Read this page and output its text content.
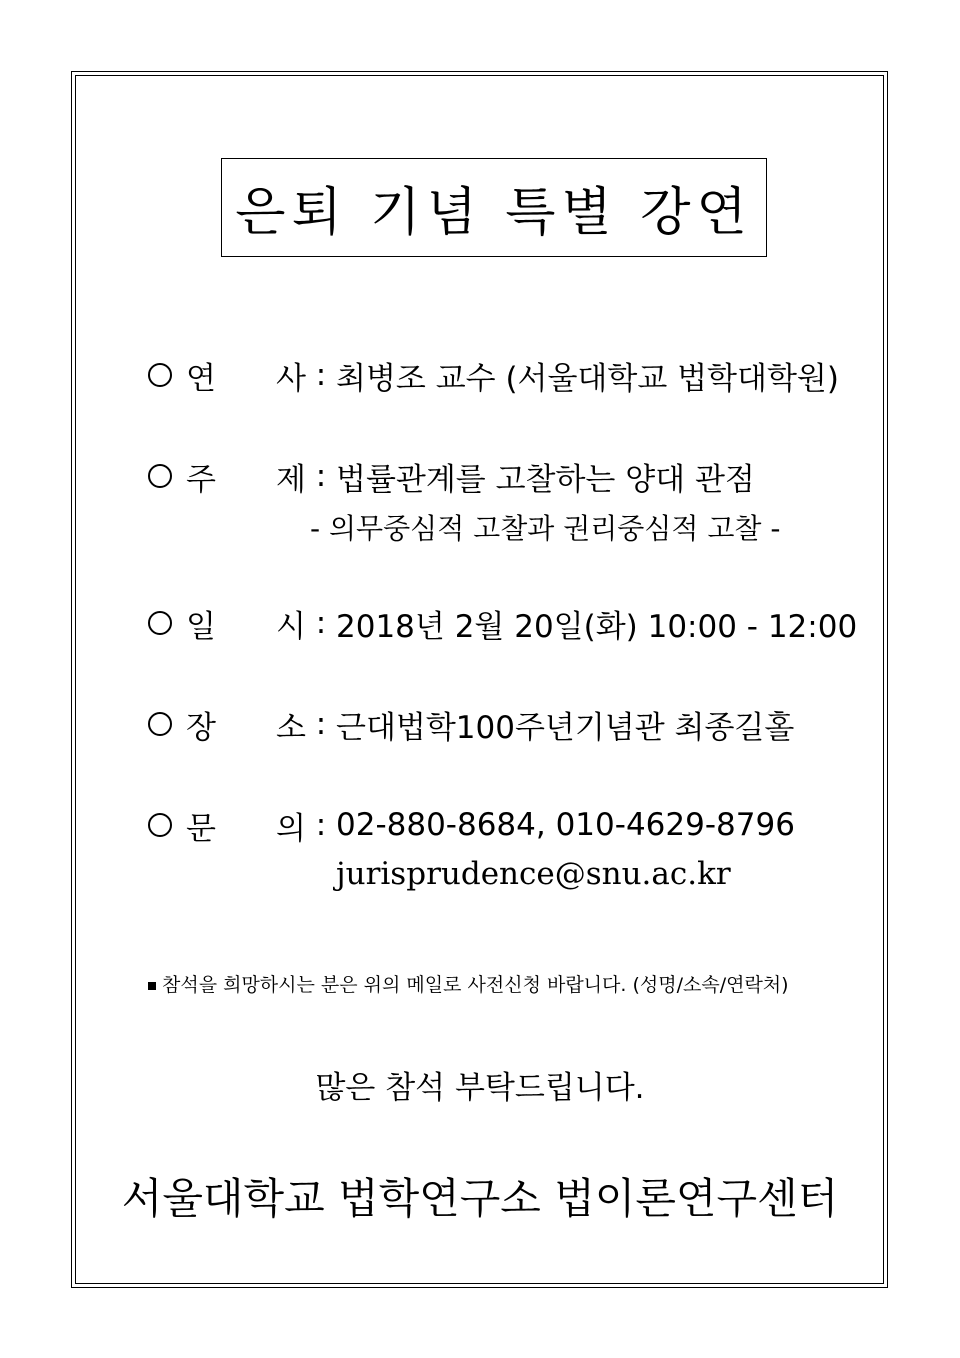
은퇴 기념 특별 강연
연 사 : 최병조 교수 (서울대학교 법학대학원)
주 제 : 법률관계를 고찰하는 양대 관점
- 의무중심적 고찰과 권리중심적 고찰 -
일 시 : 2018년 2월 20일(화) 10:00 - 12:00
장 소 : 근대법학100주년기념관 최종길홀
문 의 : 02-880-8684, 010-4629-8796
jurisprudence@snu.ac.kr
참석을 희망하시는 분은 위의 메일로 사전신청 바랍니다. (성명/소속/연락처)
많은 참석 부탁드립니다.
서울대학교 법학연구소 법이론연구센터
